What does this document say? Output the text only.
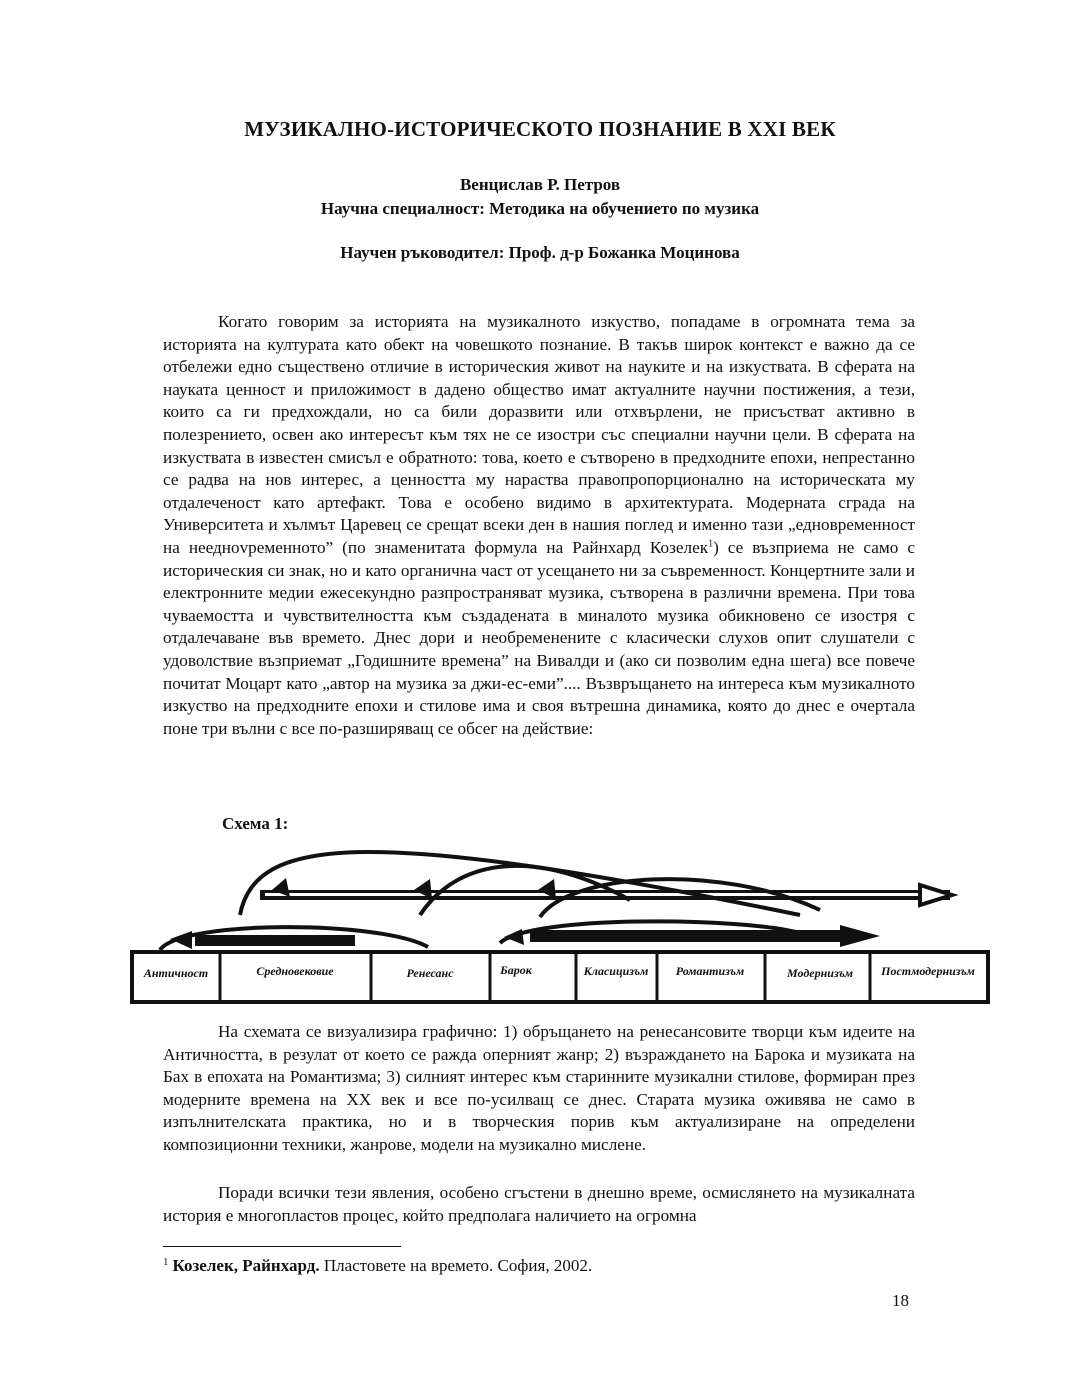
МУЗИКАЛНО-ИСТОРИЧЕСКОТО ПОЗНАНИЕ В XXI ВЕК
Венцислав Р. Петров
Научна специалност: Методика на обучението по музика
Научен ръководител: Проф. д-р Божанка Моцинова

Когато говорим за историята на музикалното изкуство, попадаме в огромната тема за историята на културата като обект на човешкото познание. В такъв широк контекст е важно да се отбележи едно съществено отличие в историческия живот на науките и на изкуствата. В сферата на науката ценност и приложимост в дадено общество имат актуалните научни постижения, а тези, които са ги предхождали, но са били доразвити или отхвърлени, не присъстват активно в полезрението, освен ако интересът към тях не се изостри със специални научни цели. В сферата на изкуствата в известен смисъл е обратното: това, което е сътворено в предходните епохи, непрестанно се радва на нов интерес, а ценността му нараства правопропорционално на историческата му отдалеченост като артефакт. Това е особено видимо в архитектурата. Модерната сграда на Университета и хълмът Царевец се срещат всеки ден в нашия поглед и именно тази „едновременност на нееднovременното” (по знаменитата формула на Райнхард Козелек$^1$) се възприема не само с историческия си знак, но и като органична част от усещането ни за съвременност. Концертните зали и електронните медии ежесекундно разпространяват музика, сътворена в различни времена. При това чуваемостта и чувствителността към създадената в миналото музика обикновено се изостря с отдалечаване във времето. Днес дори и необременените с класически слухов опит слушатели с удоволствие възприемат „Годишните времена” на Вивалди и (ако си позволим една шега) все повече почитат Моцарт като „автор на музика за джи-ес-еми”.... Възвръщането на интереса към музикалното изкуство на предходните епохи и стилове има и своя вътрешна динамика, която до днес е очертала поне три вълни с все по-разширяващ се обсег на действие:

Схема 1:
Античност	Средновековие	Ренесанс	Барок	Класицизъм Романтизъм	Модернизъм Постмодернизъм

На схемата се визуализира графично: 1) обръщането на ренесансовите творци към идеите на Античността, в резулат от което се ражда оперният жанр; 2) възраждането на Барока и музиката на Бах в епохата на Романтизма; 3) силният интерес към старинните музикални стилове, формиран през модерните времена на XX век и все по-усилващ се днес. Старата музика оживява не само в изпълнителската практика, но и в творческия порив към актуализиране на определени композиционни техники, жанрове, модели на музикално мислене.

Поради всички тези явления, особено сгъстени в днешно време, осмислянето на музикалната история е многопластов процес, който предполага наличието на огромна

$^1$ Козелек, Райнхард. Пластовете на времето. София, 2002.
18
